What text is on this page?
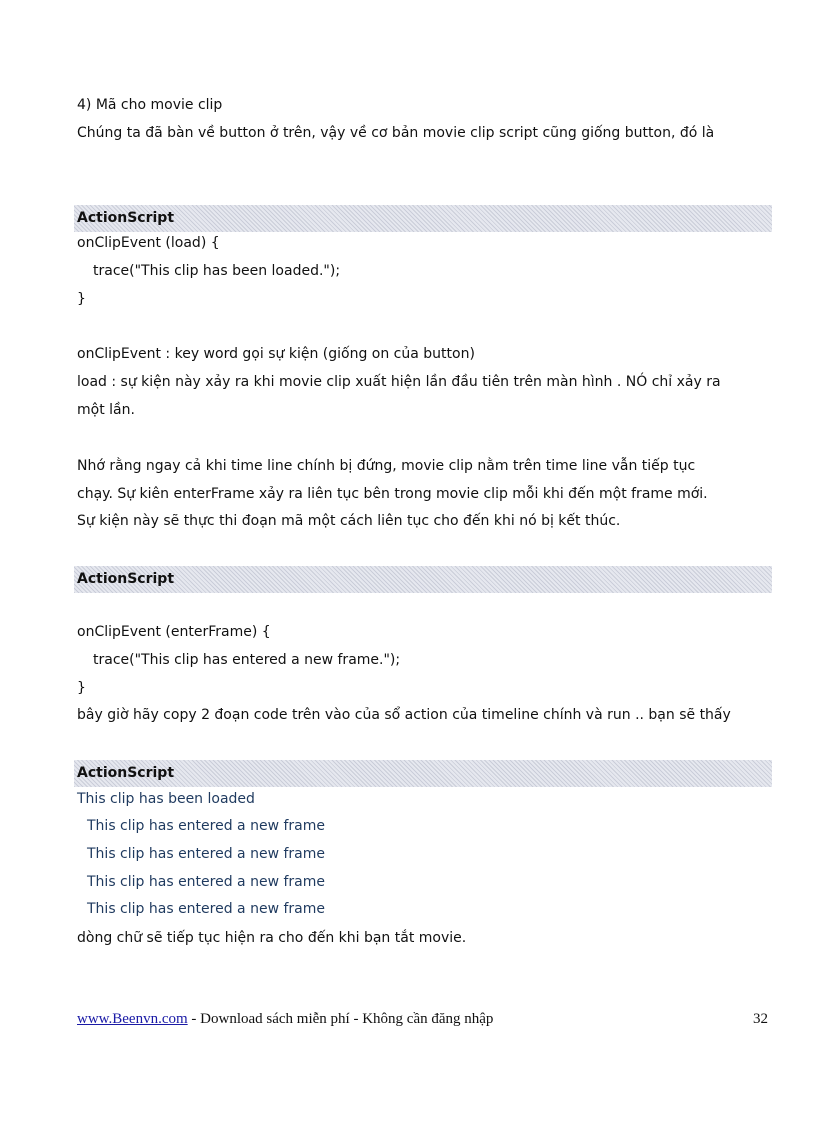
4) Mã cho movie clip
Chúng ta đã bàn về button ở trên, vậy về cơ bản movie clip script cũng giống button, đó là
ActionScript
onClipEvent (load) {
trace("This clip has been loaded.");
}
onClipEvent : key word gọi sự kiện (giống on của button)
load : sự kiện này xảy ra khi movie clip xuất hiện lần đầu tiên trên màn hình . NÓ chỉ xảy ra
một lần.
Nhớ rằng ngay cả khi time line chính bị đứng, movie clip nằm trên time line vẫn tiếp tục
chạy. Sự kiên enterFrame xảy ra liên tục bên trong movie clip mỗi khi đến một frame mới.
Sự kiện này sẽ thực thi đoạn mã một cách liên tục cho đến khi nó bị kết thúc.
ActionScript
onClipEvent (enterFrame) {
trace("This clip has entered a new frame.");
}
bây giờ hãy copy 2 đoạn code trên vào của sổ action của timeline chính và run .. bạn sẽ thấy
ActionScript
This clip has been loaded
This clip has entered a new frame
This clip has entered a new frame
This clip has entered a new frame
This clip has entered a new frame
dòng chữ sẽ tiếp tục hiện ra cho đến khi bạn tắt movie.
www.Beenvn.com - Download sách miễn phí - Không cần đăng nhập	32
